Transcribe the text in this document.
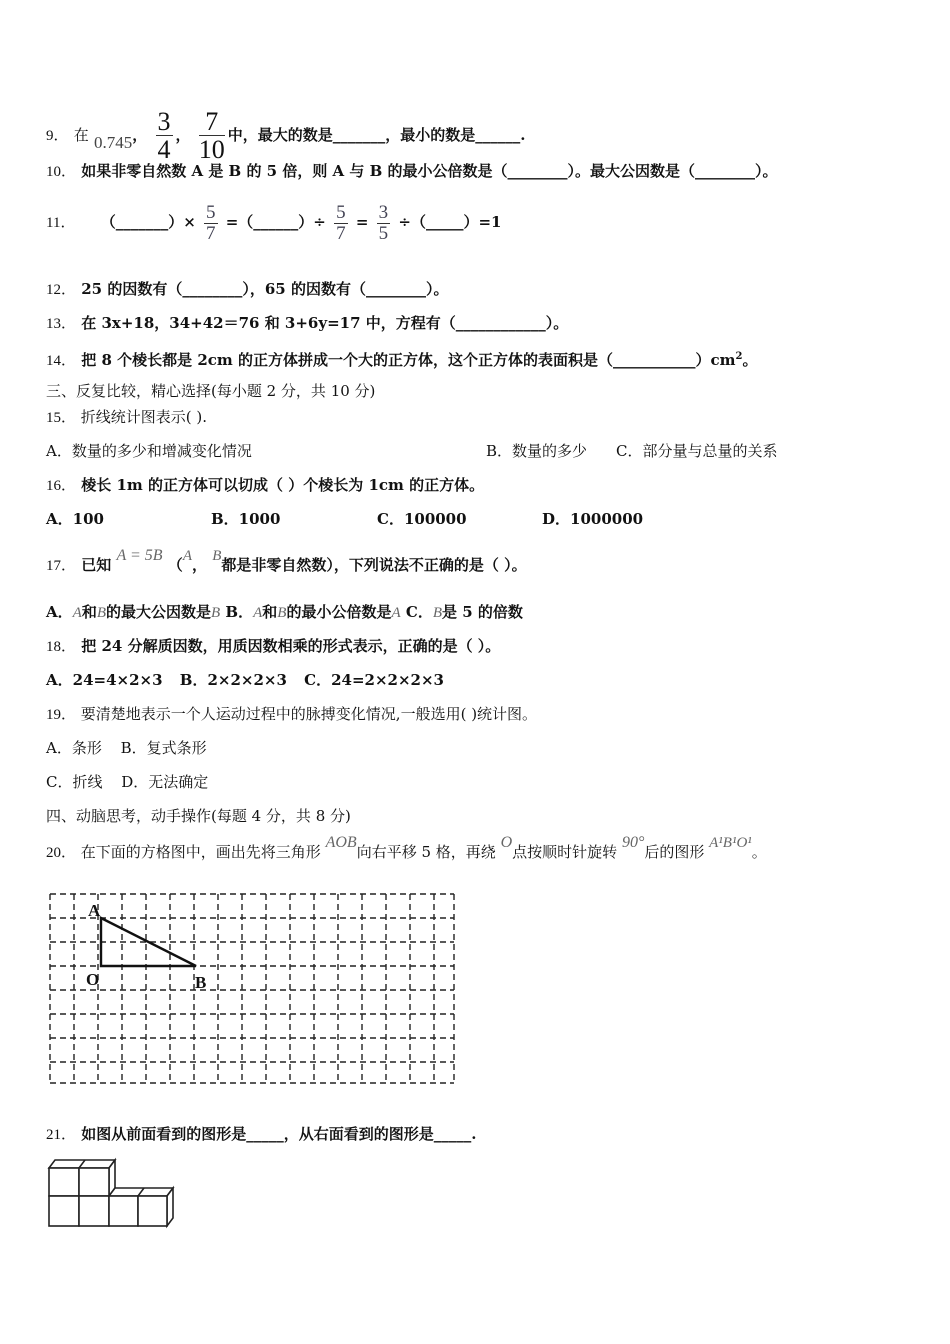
9． 在 0.745， $\frac{3}{4}$ ， $\frac{7}{10}$ 中，最大的数是_______，最小的数是______.
10． 如果非零自然数 A 是 B 的 5 倍，则 A 与 B 的最小公倍数是（________）。最大公因数是（________）。
11． （_______）× $\frac{5}{7}$ =（______）÷ $\frac{5}{7} = \frac{3}{5}$ ÷（_____）=1
12． 25 的因数有（________），65 的因数有（________）。
13． 在 3x+18，34+42＝76 和 3+6y=17 中，方程有（____________）。
14． 把 8 个棱长都是 2cm 的正方体拼成一个大的正方体，这个正方体的表面积是$(\_\_\_\_\_\_\_\_\_\_\_)cm^2$。
三、反复比较，精心选择(每小题 2 分，共 10 分)
15． 折线统计图表示( ).
A．数量的多少和增减变化情况	B．数量的多少 C．部分量与总量的关系
16． 棱长 1m 的正方体可以切成（ ）个棱长为 1cm 的正方体。
A．100	B．1000	C．100000	D．1000000
17． 已知 A = 5B （A， B都是非零自然数），下列说法不正确的是（ ）。
A．A和B的最大公因数是B B．A和B的最小公倍数是A C．B是 5 的倍数
18． 把 24 分解质因数，用质因数相乘的形式表示，正确的是（ ）。
A．24=4×2×3 B．2×2×2×3 C．24=2×2×2×3
19． 要清楚地表示一个人运动过程中的脉搏变化情况,一般选用( )统计图。
A．条形 B．复式条形
C．折线 D．无法确定
四、动脑思考，动手操作(每题 4 分，共 8 分)
20． 在下面的方格图中，画出先将三角形 AOB向右平移 5 格，再绕 O点按顺时针旋转 90°后的图形 A¹B¹O¹。
A
O	B
21． 如图从前面看到的图形是_____，从右面看到的图形是_____.
